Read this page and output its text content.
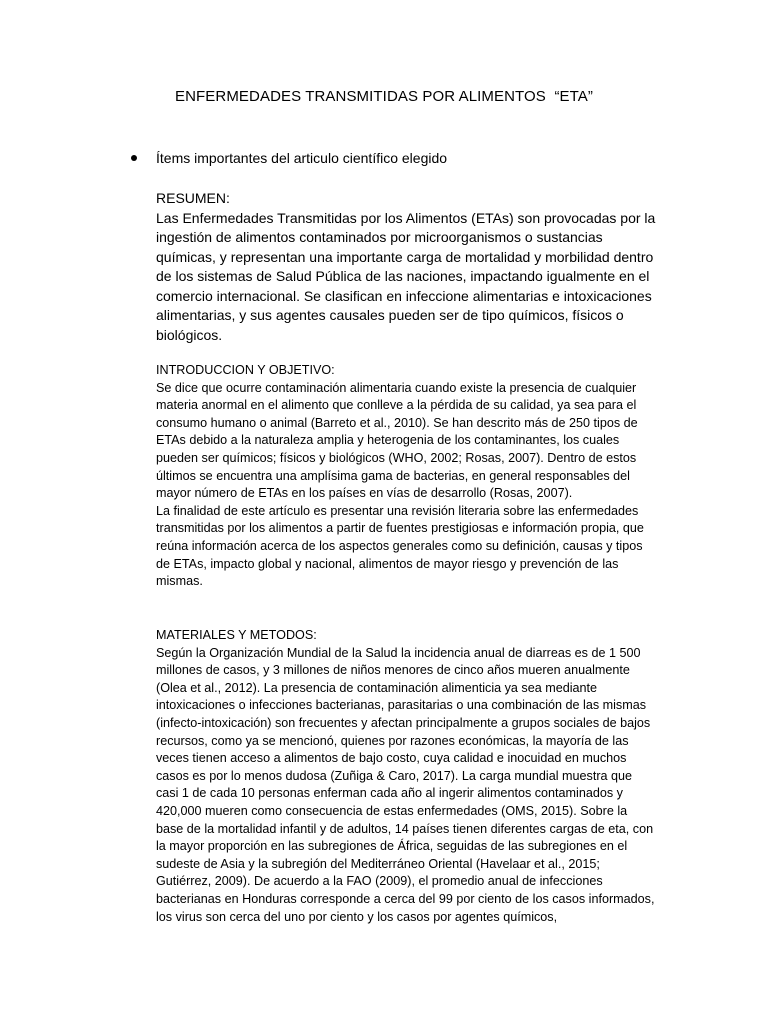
ENFERMEDADES TRANSMITIDAS POR ALIMENTOS  “ETA”
Ítems importantes del articulo científico elegido

RESUMEN:

Las Enfermedades Transmitidas por los Alimentos (ETAs) son provocadas por la ingestión de alimentos contaminados por microorganismos o sustancias químicas, y representan una importante carga de mortalidad y morbilidad dentro de los sistemas de Salud Pública de las naciones, impactando igualmente en el comercio internacional. Se clasifican en infeccione alimentarias e intoxicaciones alimentarias, y sus agentes causales pueden ser de tipo químicos, físicos o biológicos.

INTRODUCCION Y OBJETIVO:

Se dice que ocurre contaminación alimentaria cuando existe la presencia de cualquier materia anormal en el alimento que conlleve a la pérdida de su calidad, ya sea para el consumo humano o animal (Barreto et al., 2010). Se han descrito más de 250 tipos de ETAs debido a la naturaleza amplia y heterogenia de los contaminantes, los cuales pueden ser químicos; físicos y biológicos (WHO, 2002; Rosas, 2007). Dentro de estos últimos se encuentra una amplísima gama de bacterias, en general responsables del mayor número de ETAs en los países en vías de desarrollo (Rosas, 2007).

La finalidad de este artículo es presentar una revisión literaria sobre las enfermedades transmitidas por los alimentos a partir de fuentes prestigiosas e información propia, que reúna información acerca de los aspectos generales como su definición, causas y tipos de ETAs, impacto global y nacional, alimentos de mayor riesgo y prevención de las mismas.

MATERIALES Y METODOS:

Según la Organización Mundial de la Salud la incidencia anual de diarreas es de 1 500 millones de casos, y 3 millones de niños menores de cinco años mueren anualmente (Olea et al., 2012). La presencia de contaminación alimenticia ya sea mediante intoxicaciones o infecciones bacterianas, parasitarias o una combinación de las mismas (infecto-intoxicación) son frecuentes y afectan principalmente a grupos sociales de bajos recursos, como ya se mencionó, quienes por razones económicas, la mayoría de las veces tienen acceso a alimentos de bajo costo, cuya calidad e inocuidad en muchos casos es por lo menos dudosa (Zuñiga & Caro, 2017). La carga mundial muestra que casi 1 de cada 10 personas enferman cada año al ingerir alimentos contaminados y 420,000 mueren como consecuencia de estas enfermedades (OMS, 2015). Sobre la base de la mortalidad infantil y de adultos, 14 países tienen diferentes cargas de eta, con la mayor proporción en las subregiones de África, seguidas de las subregiones en el sudeste de Asia y la subregión del Mediterráneo Oriental (Havelaar et al., 2015; Gutiérrez, 2009). De acuerdo a la FAO (2009), el promedio anual de infecciones bacterianas en Honduras corresponde a cerca del 99 por ciento de los casos informados, los virus son cerca del uno por ciento y los casos por agentes químicos,
